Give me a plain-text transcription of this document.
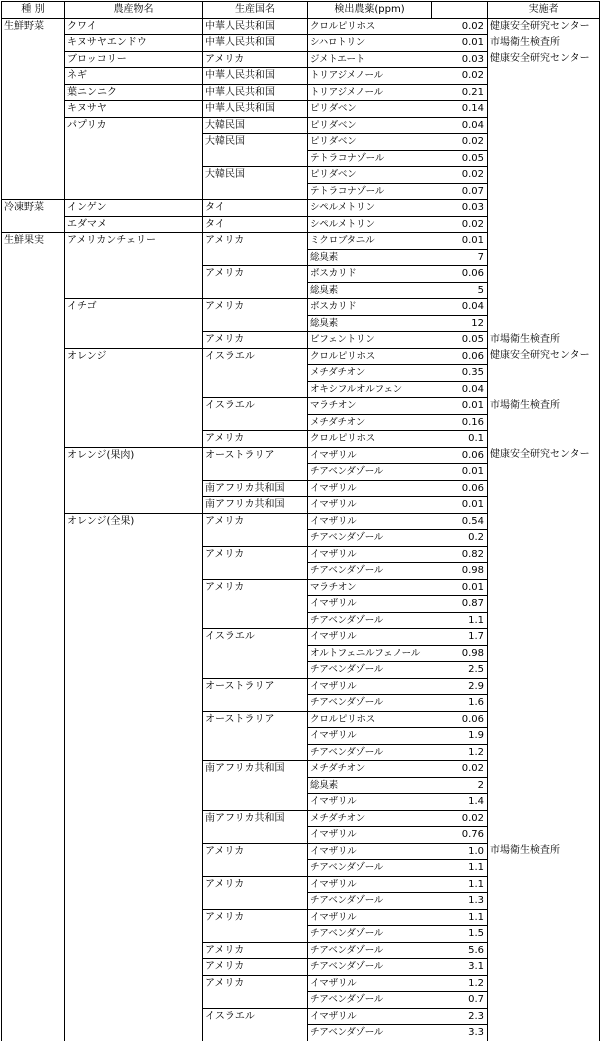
種 別	農産物名	生産国名	検出農薬(ppm)		実施者
生鮮野菜	クワイ	中華人民共和国	クロルピリホス	0.02	健康安全研究センター
	キヌサヤエンドウ	中華人民共和国	シハロトリン	0.01	市場衛生検査所
	ブロッコリー	アメリカ	ジメトエート	0.03	健康安全研究センター
	ネギ	中華人民共和国	トリアジメノール	0.02	
	葉ニンニク	中華人民共和国	トリアジメノール	0.21	
	キヌサヤ	中華人民共和国	ピリダベン	0.14	
	パプリカ	大韓民国	ピリダベン	0.04	
		大韓民国	ピリダベン	0.02	
			テトラコナゾール	0.05	
		大韓民国	ピリダベン	0.02	
			テトラコナゾール	0.07	
冷凍野菜	インゲン	タイ	シペルメトリン	0.03	
	エダマメ	タイ	シペルメトリン	0.02	
生鮮果実	アメリカンチェリー	アメリカ	ミクロブタニル	0.01	
			総臭素	7	
		アメリカ	ボスカリド	0.06	
			総臭素	5	
	イチゴ	アメリカ	ボスカリド	0.04	
			総臭素	12	
		アメリカ	ビフェントリン	0.05	市場衛生検査所
	オレンジ	イスラエル	クロルピリホス	0.06	健康安全研究センター
			メチダチオン	0.35	
			オキシフルオルフェン	0.04	
		イスラエル	マラチオン	0.01	市場衛生検査所
			メチダチオン	0.16	
		アメリカ	クロルピリホス	0.1	
	オレンジ(果肉)	オーストラリア	イマザリル	0.06	健康安全研究センター
			チアベンダゾール	0.01	
		南アフリカ共和国	イマザリル	0.06	
		南アフリカ共和国	イマザリル	0.01	
	オレンジ(全果)	アメリカ	イマザリル	0.54	
			チアベンダゾール	0.2	
		アメリカ	イマザリル	0.82	
			チアベンダゾール	0.98	
		アメリカ	マラチオン	0.01	
			イマザリル	0.87	
			チアベンダゾール	1.1	
		イスラエル	イマザリル	1.7	
			オルトフェニルフェノール	0.98	
			チアベンダゾール	2.5	
		オーストラリア	イマザリル	2.9	
			チアベンダゾール	1.6	
		オーストラリア	クロルピリホス	0.06	
			イマザリル	1.9	
			チアベンダゾール	1.2	
		南アフリカ共和国	メチダチオン	0.02	
			総臭素	2	
			イマザリル	1.4	
		南アフリカ共和国	メチダチオン	0.02	
			イマザリル	0.76	
		アメリカ	イマザリル	1.0	市場衛生検査所
			チアベンダゾール	1.1	
		アメリカ	イマザリル	1.1	
			チアベンダゾール	1.3	
		アメリカ	イマザリル	1.1	
			チアベンダゾール	1.5	
		アメリカ	チアベンダゾール	5.6	
		アメリカ	チアベンダゾール	3.1	
		アメリカ	イマザリル	1.2	
			チアベンダゾール	0.7	
		イスラエル	イマザリル	2.3	
			チアベンダゾール	3.3	
